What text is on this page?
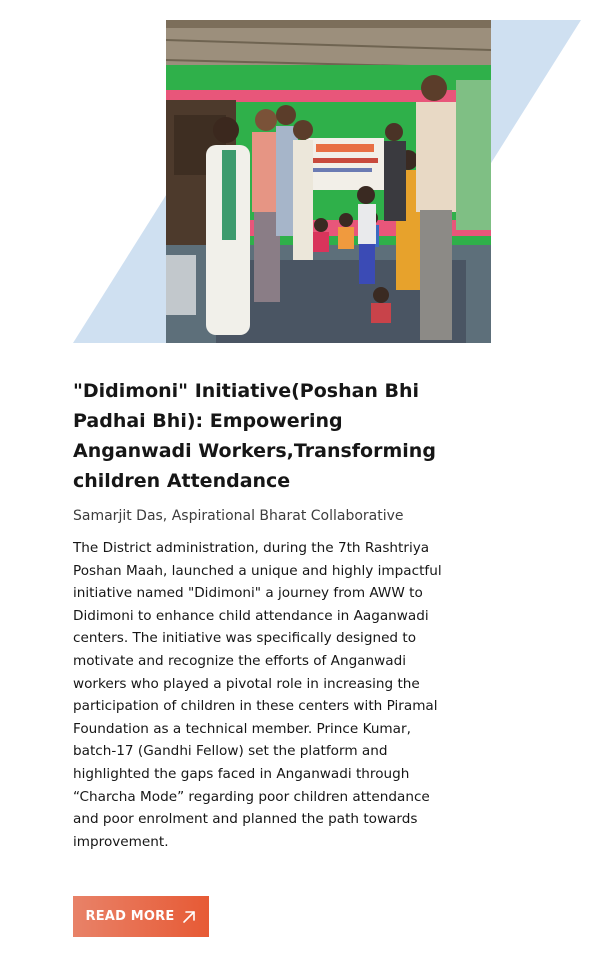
"Didimoni" Initiative(Poshan Bhi Padhai Bhi): Empowering Anganwadi Workers,Transforming children Attendance

Samarjit Das, Aspirational Bharat Collaborative

The District administration, during the 7th Rashtriya Poshan Maah, launched a unique and highly impactful initiative named "Didimoni" a journey from AWW to Didimoni to enhance child attendance in Aaganwadi centers. The initiative was specifically designed to motivate and recognize the efforts of Anganwadi workers who played a pivotal role in increasing the participation of children in these centers with Piramal Foundation as a technical member. Prince Kumar, batch-17 (Gandhi Fellow) set the platform and highlighted the gaps faced in Anganwadi through “Charcha Mode” regarding poor children attendance and poor enrolment and planned the path towards improvement.

READ MORE
